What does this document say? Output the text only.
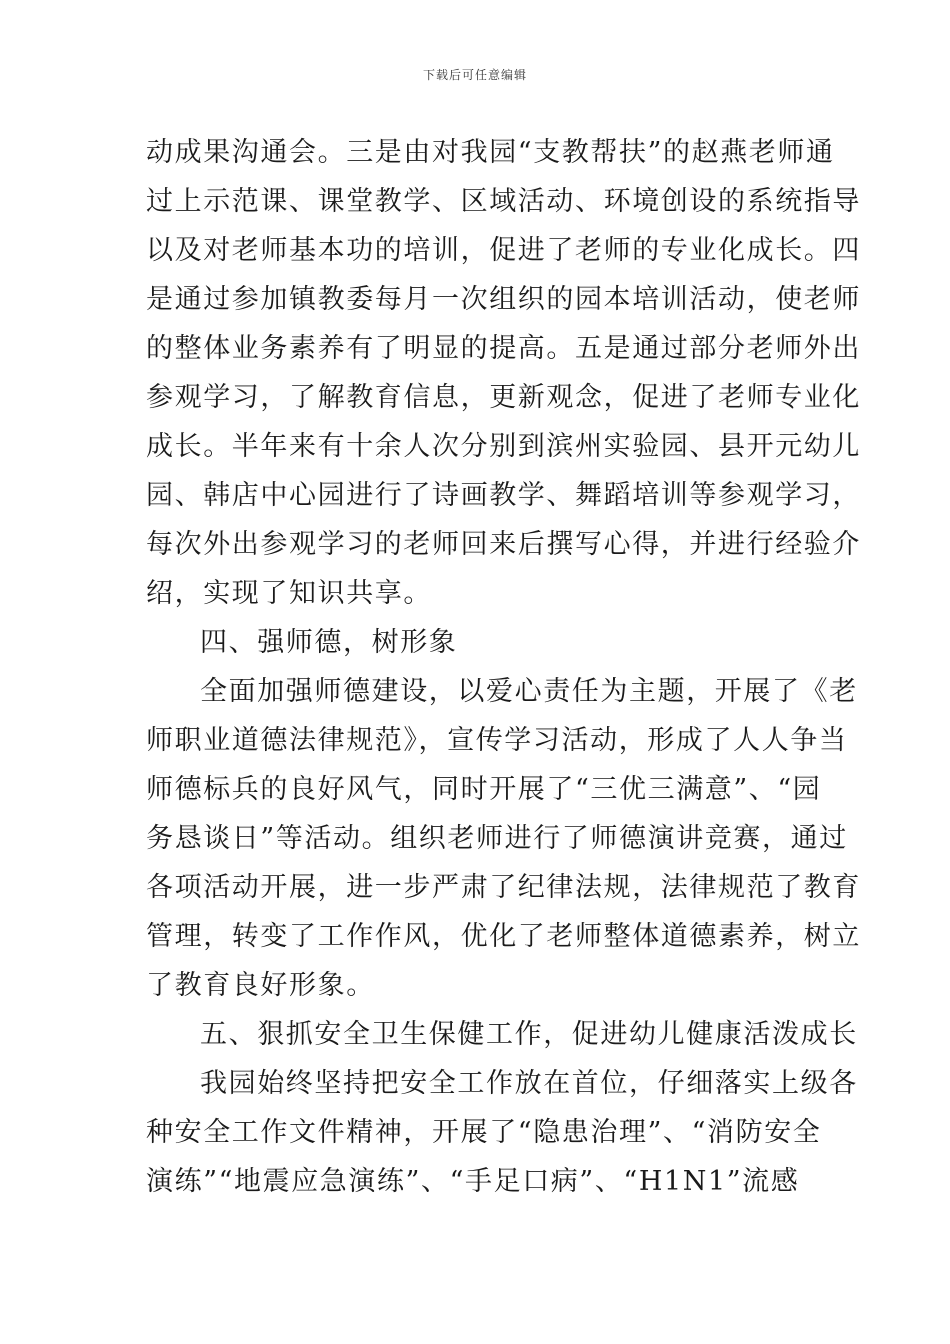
下载后可任意编辑
动成果沟通会。三是由对我园“支教帮扶”的赵燕老师通
过上示范课、课堂教学、区域活动、环境创设的系统指导
以及对老师基本功的培训，促进了老师的专业化成长。四
是通过参加镇教委每月一次组织的园本培训活动，使老师
的整体业务素养有了明显的提高。五是通过部分老师外出
参观学习，了解教育信息，更新观念，促进了老师专业化
成长。半年来有十余人次分别到滨州实验园、县开元幼儿
园、韩店中心园进行了诗画教学、舞蹈培训等参观学习，
每次外出参观学习的老师回来后撰写心得，并进行经验介
绍，实现了知识共享。
四、强师德，树形象
全面加强师德建设，以爱心责任为主题，开展了《老
师职业道德法律规范》，宣传学习活动，形成了人人争当
师德标兵的良好风气，同时开展了“三优三满意”、“园
务恳谈日”等活动。组织老师进行了师德演讲竞赛，通过
各项活动开展，进一步严肃了纪律法规，法律规范了教育
管理，转变了工作作风，优化了老师整体道德素养，树立
了教育良好形象。
五、狠抓安全卫生保健工作，促进幼儿健康活泼成长
我园始终坚持把安全工作放在首位，仔细落实上级各
种安全工作文件精神，开展了“隐患治理”、“消防安全
演练”“地震应急演练”、“手足口病”、“H1N1”流感
